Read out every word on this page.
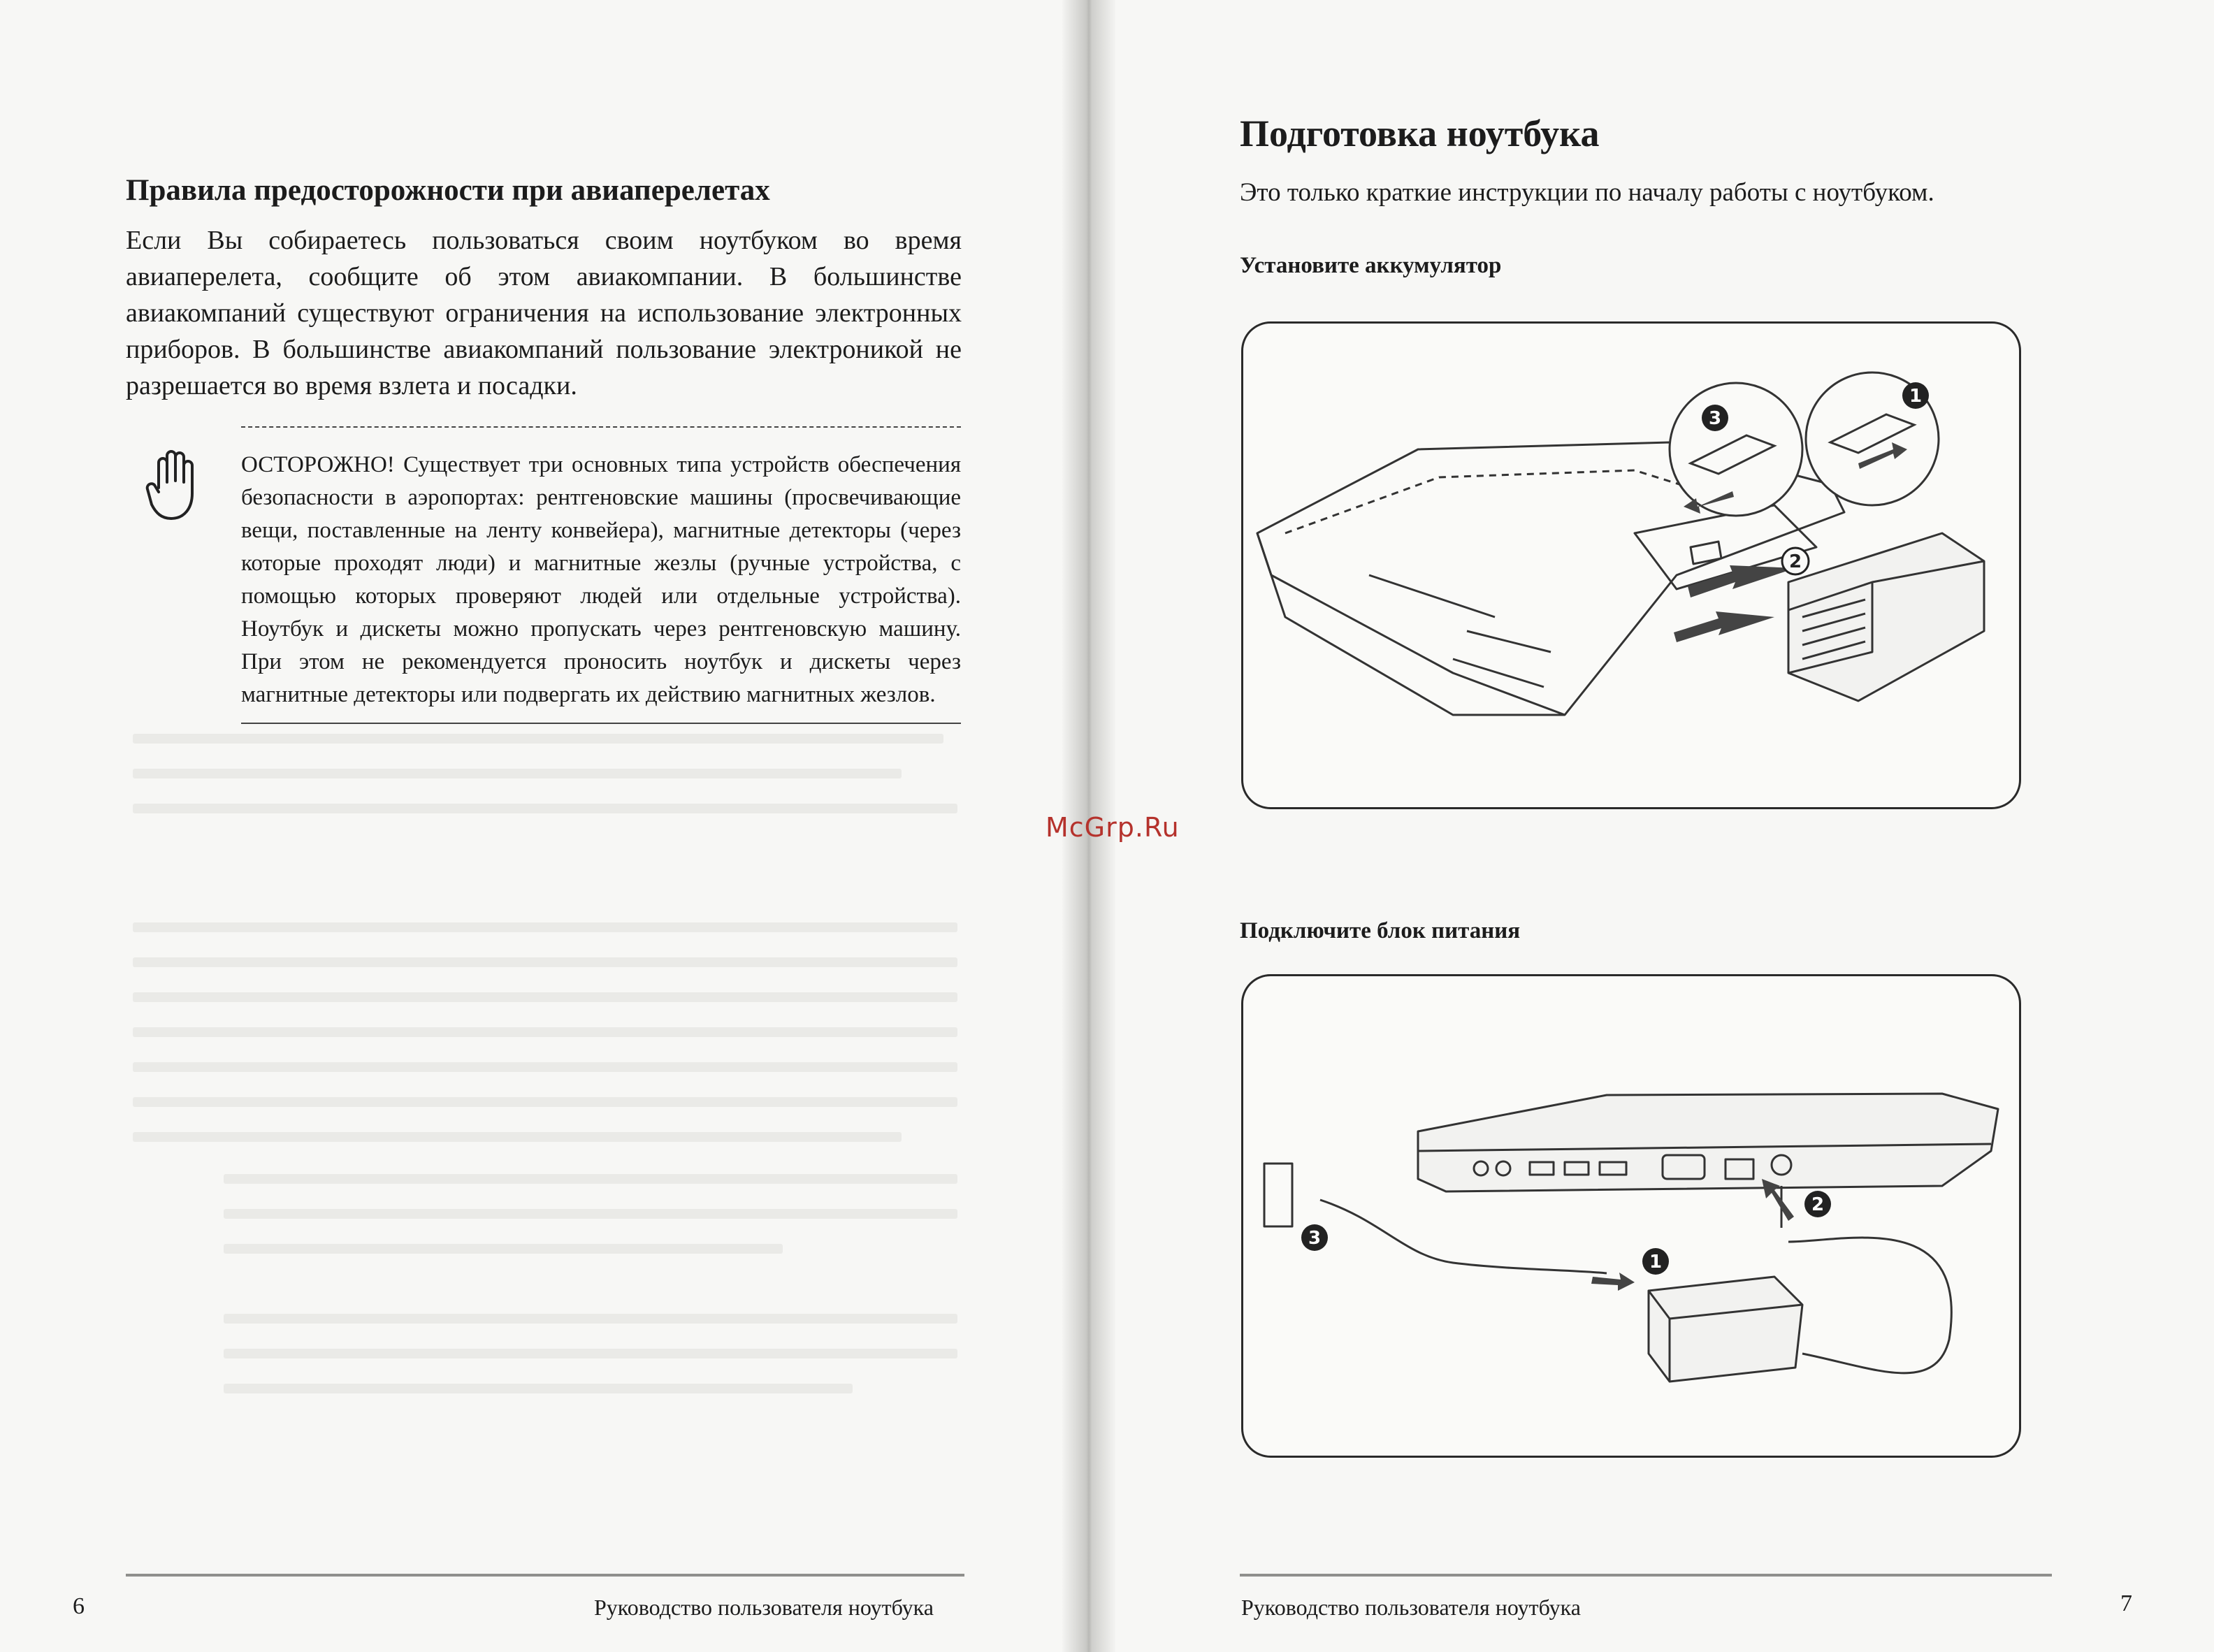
Правила предосторожности при авиаперелетах

Если Вы собираетесь пользоваться своим ноутбуком во время авиаперелета, сообщите об этом авиакомпании. В большинстве авиакомпаний существуют ограничения на использование электронных приборов. В большинстве авиакомпаний пользование электроникой не разрешается во время взлета и посадки.

ОСТОРОЖНО! Существует три основных типа устройств обеспечения безопасности в аэропортах: рентгеновские машины (просвечивающие вещи, поставленные на ленту конвейера), магнитные детекторы (через которые проходят люди) и магнитные жезлы (ручные устройства, с помощью которых проверяют людей или отдельные устройства). Ноутбук и дискеты можно пропускать через рентгеновскую машину. При этом не рекомендуется проносить ноутбук и дискеты через магнитные детекторы или подвергать их действию магнитных жезлов.

6	Руководство пользователя ноутбука
Подготовка ноутбука

Это только краткие инструкции по началу работы с ноутбуком.

Установите аккумулятор

3
1
2

Подключите блок питания

1
2
3
Руководство пользователя ноутбука	7
McGrp.Ru
